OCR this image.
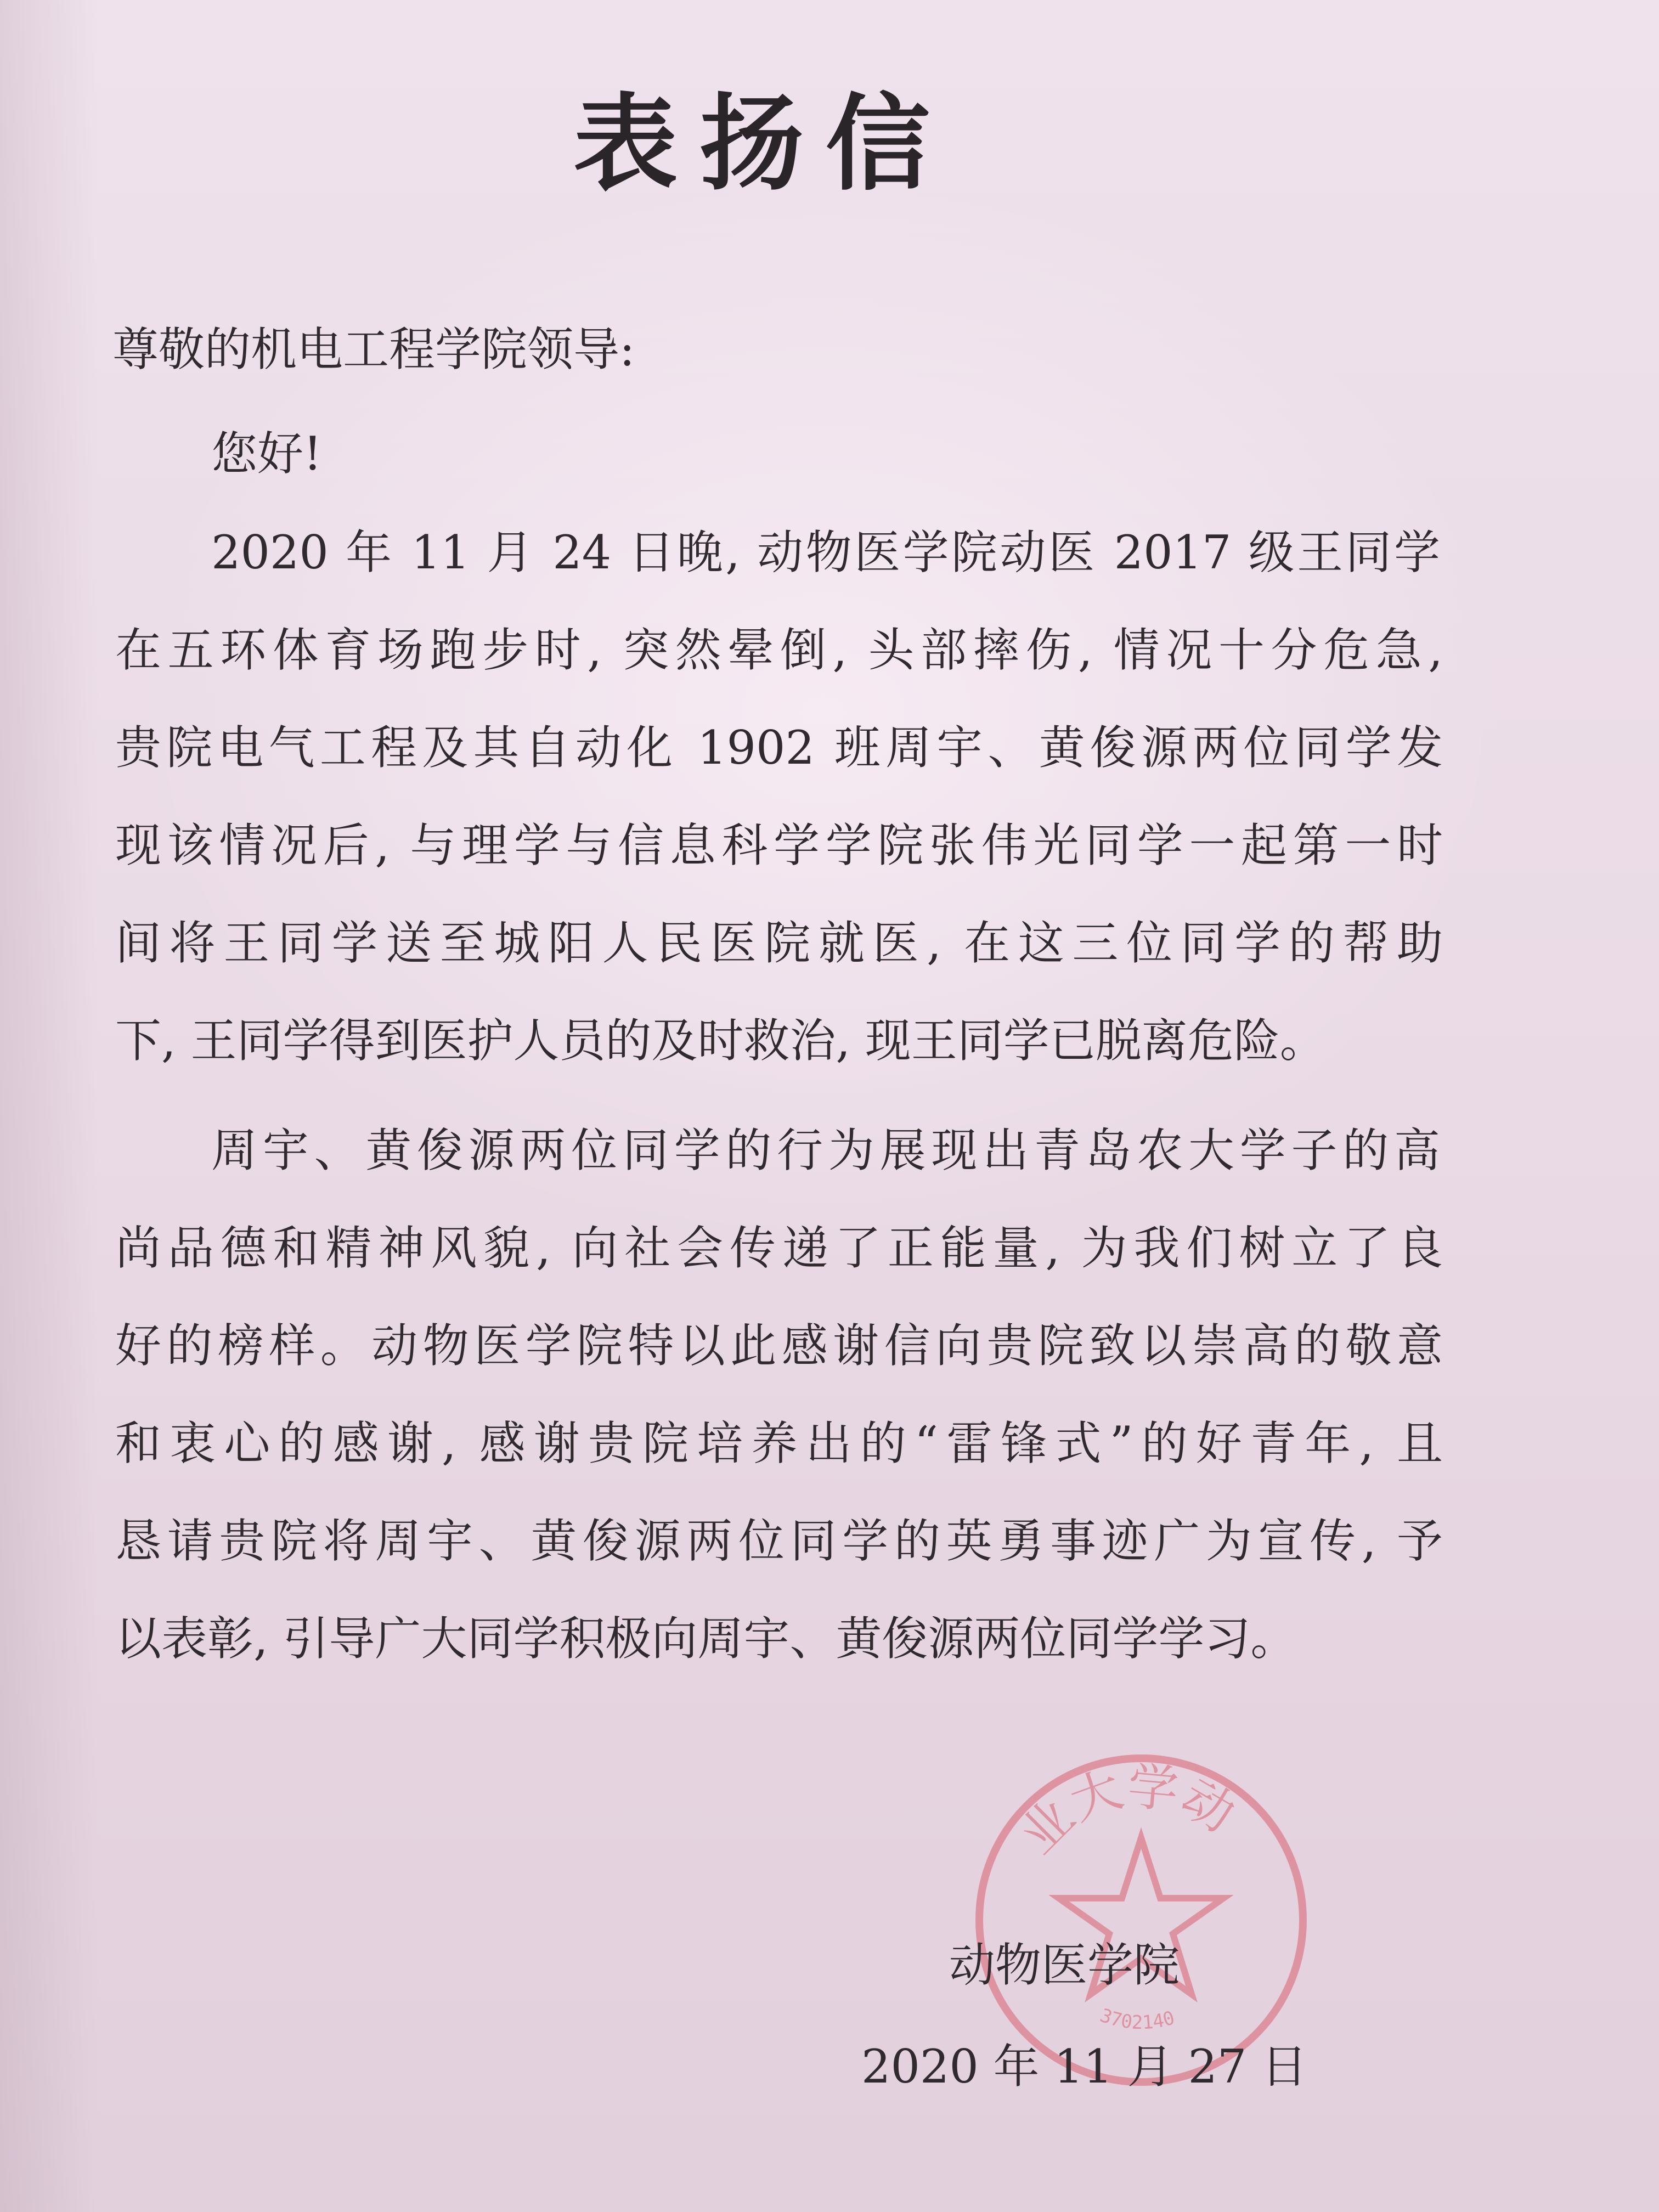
表扬信

尊敬的机电工程学院领导:

您好!

2020 年 11 月 24 日晚, 动物医学院动医 2017 级王同学

在五环体育场跑步时, 突然晕倒, 头部摔伤, 情况十分危急,

贵院电气工程及其自动化 1902 班周宇、黄俊源两位同学发

现该情况后, 与理学与信息科学学院张伟光同学一起第一时

间将王同学送至城阳人民医院就医, 在这三位同学的帮助

下, 王同学得到医护人员的及时救治, 现王同学已脱离危险。

周宇、黄俊源两位同学的行为展现出青岛农大学子的高

尚品德和精神风貌, 向社会传递了正能量, 为我们树立了良

好的榜样。动物医学院特以此感谢信向贵院致以崇高的敬意

和衷心的感谢, 感谢贵院培养出的“雷锋式”的好青年, 且

恳请贵院将周宇、黄俊源两位同学的英勇事迹广为宣传, 予

以表彰, 引导广大同学积极向周宇、黄俊源两位同学学习。

业大学动
3702140

动物医学院

2020 年 11 月 27 日
